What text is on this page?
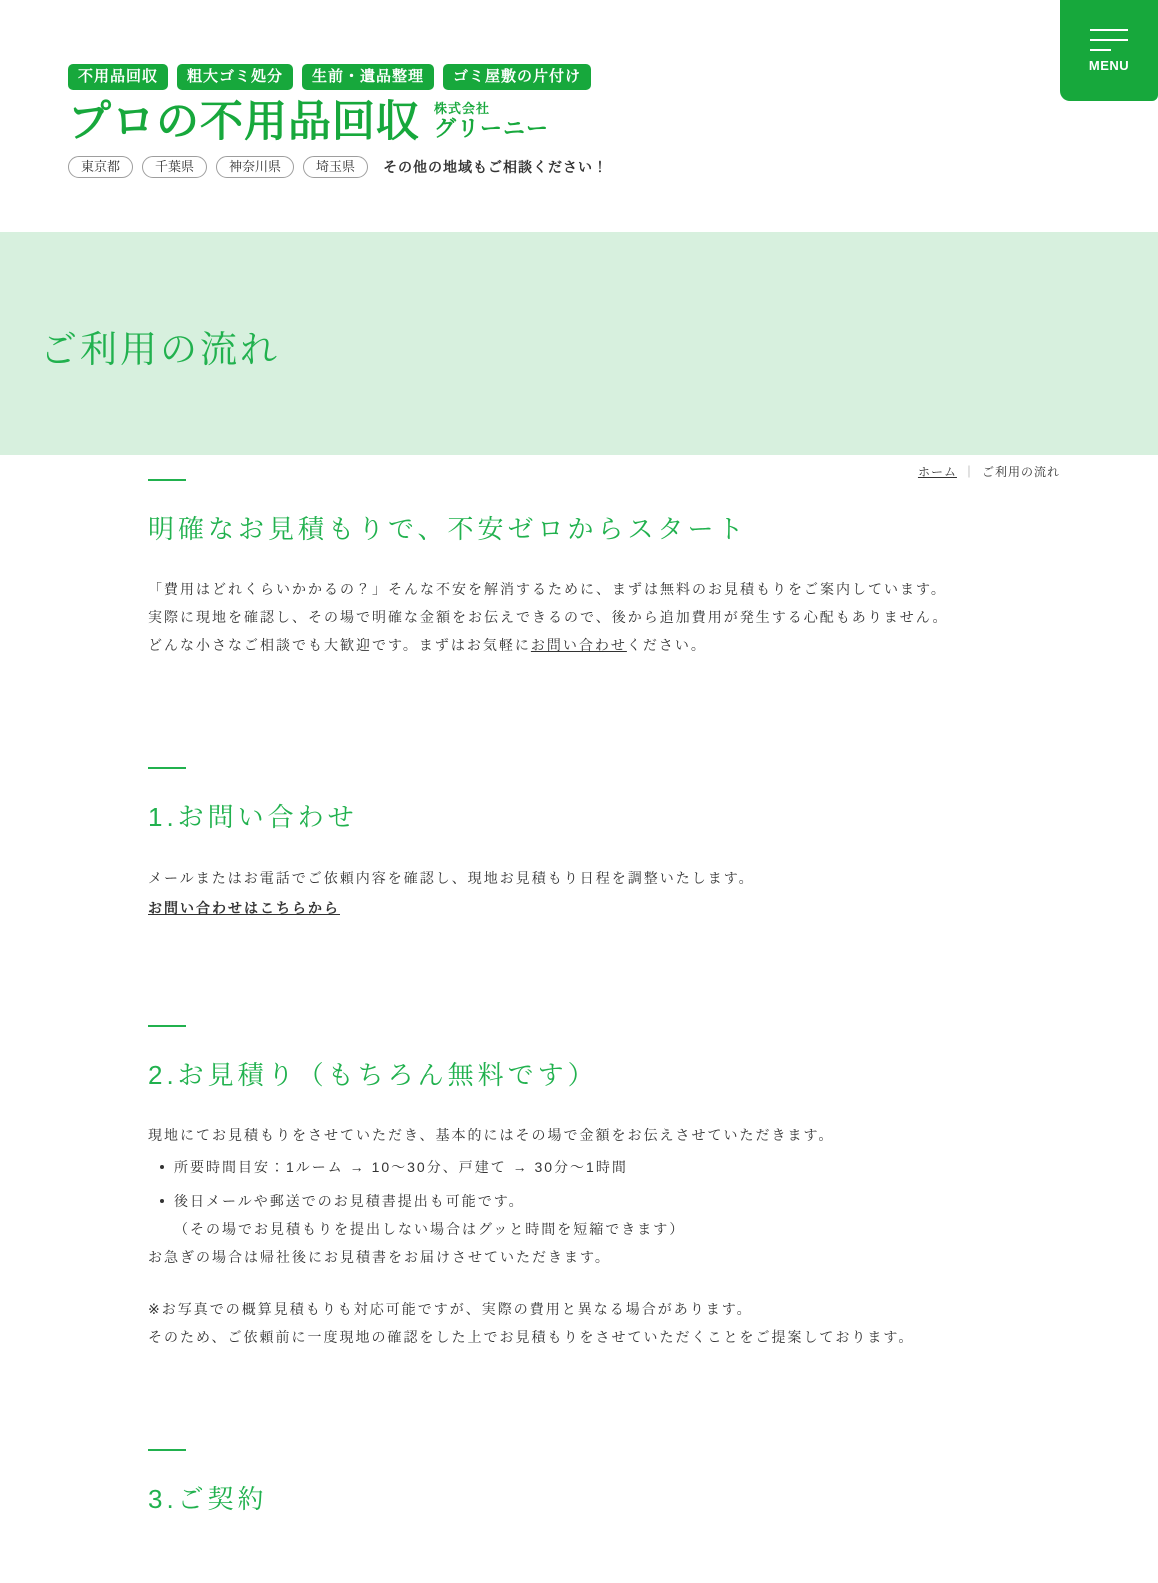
不用品回収	粗大ゴミ処分	生前・遺品整理	ゴミ屋敷の片付け
プロの不用品回収 株式会社
グリーニー
東京都	千葉県	神奈川県	埼玉県	その他の地域もご相談ください！
MENU
ご利用の流れ
ホーム ｜ ご利用の流れ
明確なお見積もりで、不安ゼロからスタート
「費用はどれくらいかかるの？」そんな不安を解消するために、まずは無料のお見積もりをご案内しています。
実際に現地を確認し、その場で明確な金額をお伝えできるので、後から追加費用が発生する心配もありません。
どんな小さなご相談でも大歓迎です。まずはお気軽にお問い合わせください。
1.お問い合わせ
メールまたはお電話でご依頼内容を確認し、現地お見積もり日程を調整いたします。
お問い合わせはこちらから
2.お見積り（もちろん無料です）
現地にてお見積もりをさせていただき、基本的にはその場で金額をお伝えさせていただきます。
所要時間目安：1ルーム → 10〜30分、戸建て → 30分〜1時間
後日メールや郵送でのお見積書提出も可能です。
（その場でお見積もりを提出しない場合はグッと時間を短縮できます）
お急ぎの場合は帰社後にお見積書をお届けさせていただきます。
※お写真での概算見積もりも対応可能ですが、実際の費用と異なる場合があります。
そのため、ご依頼前に一度現地の確認をした上でお見積もりをさせていただくことをご提案しております。
3.ご契約
